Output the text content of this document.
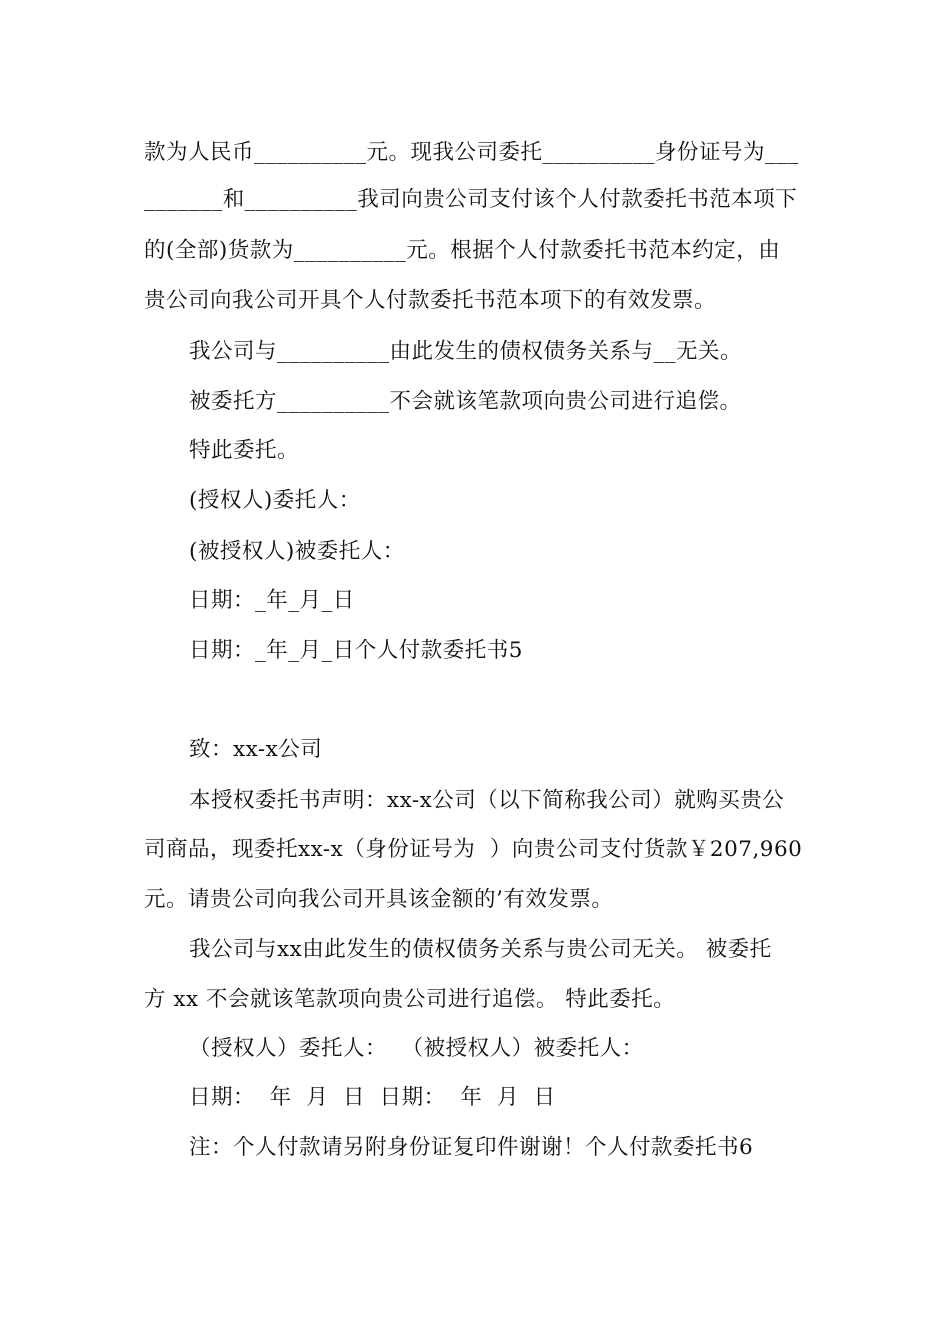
款为人民币__________元。现我公司委托__________身份证号为___
_______和__________我司向贵公司支付该个人付款委托书范本项下
的(全部)货款为__________元。根据个人付款委托书范本约定，由
贵公司向我公司开具个人付款委托书范本项下的有效发票。
我公司与__________由此发生的债权债务关系与__无关。
被委托方__________不会就该笔款项向贵公司进行追偿。
特此委托。
(授权人)委托人：
(被授权人)被委托人：
日期：_年_月_日
日期：_年_月_日个人付款委托书5
致：xx-x公司
本授权委托书声明：xx-x公司（以下简称我公司）就购买贵公
司商品，现委托xx-x（身份证号为  ）向贵公司支付货款￥207,960
元。请贵公司向我公司开具该金额的’有效发票。
我公司与xx由此发生的债权债务关系与贵公司无关。 被委托
方 xx 不会就该笔款项向贵公司进行追偿。 特此委托。
（授权人）委托人：  （被授权人）被委托人：
日期：  年  月  日  日期：  年  月  日
注：个人付款请另附身份证复印件谢谢！个人付款委托书6
